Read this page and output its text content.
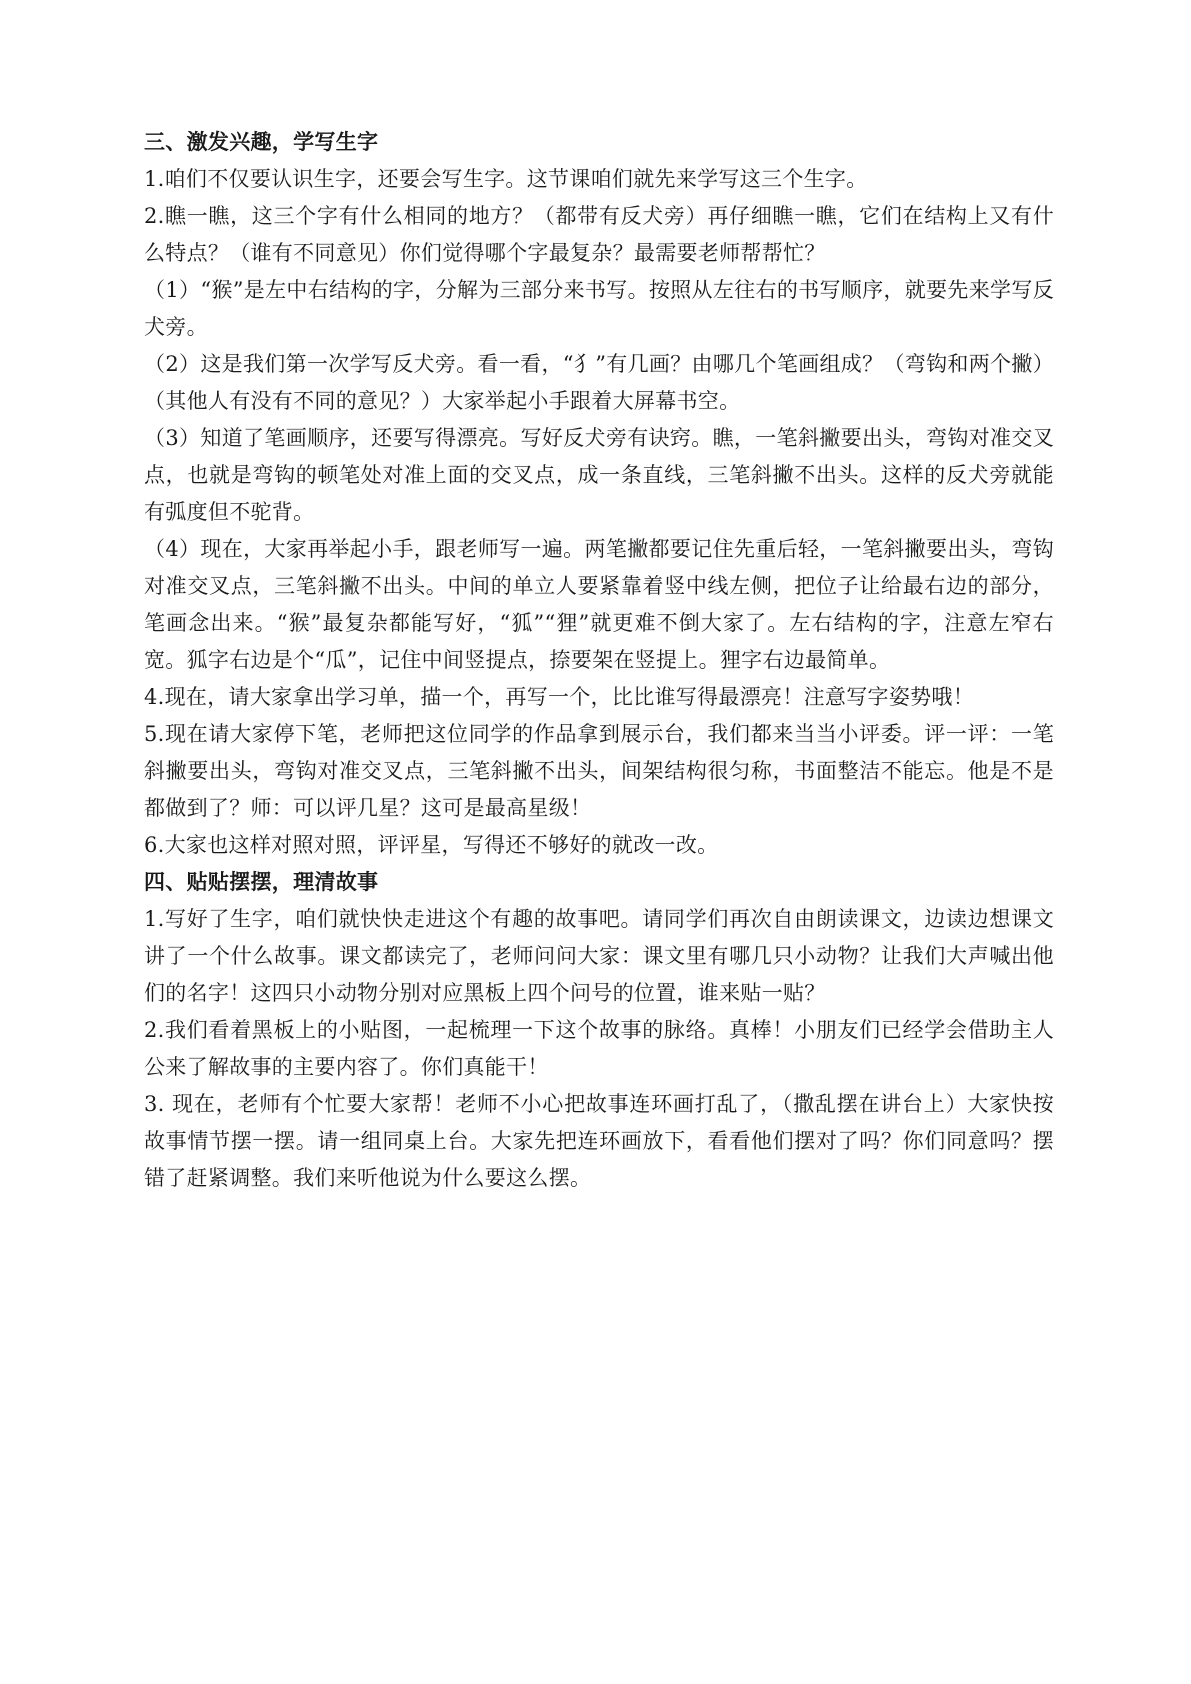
三、激发兴趣，学写生字

1.咱们不仅要认识生字，还要会写生字。这节课咱们就先来学写这三个生字。

2.瞧一瞧，这三个字有什么相同的地方？（都带有反犬旁）再仔细瞧一瞧，它们在结构上又有什么特点？（谁有不同意见）你们觉得哪个字最复杂？最需要老师帮帮忙？

（1）“猴”是左中右结构的字，分解为三部分来书写。按照从左往右的书写顺序，就要先来学写反犬旁。

（2）这是我们第一次学写反犬旁。看一看，“犭”有几画？由哪几个笔画组成？（弯钩和两个撇）（其他人有没有不同的意见？）大家举起小手跟着大屏幕书空。

（3）知道了笔画顺序，还要写得漂亮。写好反犬旁有诀窍。瞧，一笔斜撇要出头，弯钩对准交叉点，也就是弯钩的顿笔处对准上面的交叉点，成一条直线，三笔斜撇不出头。这样的反犬旁就能有弧度但不驼背。

（4）现在，大家再举起小手，跟老师写一遍。两笔撇都要记住先重后轻，一笔斜撇要出头，弯钩对准交叉点，三笔斜撇不出头。中间的单立人要紧靠着竖中线左侧，把位子让给最右边的部分，笔画念出来。“猴”最复杂都能写好，“狐”“狸”就更难不倒大家了。左右结构的字，注意左窄右宽。狐字右边是个“瓜”，记住中间竖提点，捺要架在竖提上。狸字右边最简单。

4.现在，请大家拿出学习单，描一个，再写一个，比比谁写得最漂亮！注意写字姿势哦！

5.现在请大家停下笔，老师把这位同学的作品拿到展示台，我们都来当当小评委。评一评：一笔斜撇要出头，弯钩对准交叉点，三笔斜撇不出头，间架结构很匀称，书面整洁不能忘。他是不是都做到了？师：可以评几星？这可是最高星级！

6.大家也这样对照对照，评评星，写得还不够好的就改一改。

四、贴贴摆摆，理清故事

1.写好了生字，咱们就快快走进这个有趣的故事吧。请同学们再次自由朗读课文，边读边想课文讲了一个什么故事。课文都读完了，老师问问大家：课文里有哪几只小动物？让我们大声喊出他们的名字！这四只小动物分别对应黑板上四个问号的位置，谁来贴一贴？

2.我们看着黑板上的小贴图，一起梳理一下这个故事的脉络。真棒！小朋友们已经学会借助主人公来了解故事的主要内容了。你们真能干！

3. 现在，老师有个忙要大家帮！老师不小心把故事连环画打乱了，（撒乱摆在讲台上）大家快按故事情节摆一摆。请一组同桌上台。大家先把连环画放下，看看他们摆对了吗？你们同意吗？摆错了赶紧调整。我们来听他说为什么要这么摆。
